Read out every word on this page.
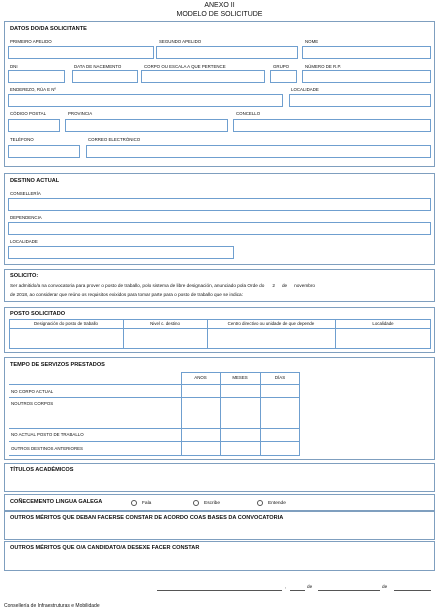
ANEXO II
MODELO DE SOLICITUDE
DATOS DO/DA SOLICITANTE
PRIMEIRO APELIDO	SEGUNDO APELIDO	NOME
DNI	DATA DE NACEMENTO	CORPO OU ESCALA A QUE PERTENCE	GRUPO	NÚMERO DE R.P.
ENDEREZO, RÚA E Nº	LOCALIDADE
CÓDIGO POSTAL	PROVINCIA	CONCELLO
TELÉFONO	CORREO ELECTRÓNICO
DESTINO ACTUAL
CONSELLERÍA
DEPENDENCIA
LOCALIDADE
SOLICITO:
Ser admitido/a na convocatoria para prover o posto de traballo, polo sistema de libre designación, anunciado pola Orde do 2 de novembro
de 2018, ao considerar que reúno os requisitos exixidos para tomar parte para o posto de traballo que se indica:
POSTO SOLICITADO
Designación do posto de traballo	Nivel c. destino	Centro directivo ou unidade de que depende	Localidade
TEMPO DE SERVIZOS PRESTADOS
ANOS	MESES	DÍAS
NO CORPO ACTUAL
NOUTROS CORPOS
NO ACTUAL POSTO DE TRABALLO
OUTROS DESTINOS ANTERIORES
TÍTULOS ACADÉMICOS
COÑECEMENTO LINGUA GALEGA	Fala	Escribe	Entende
OUTROS MÉRITOS QUE DEBAN FACERSE CONSTAR DE ACORDO COAS BASES DA CONVOCATORIA
OUTROS MÉRITOS QUE O/A CANDIDATO/A DESEXE FACER CONSTAR
,	de	de
Consellería de Infraestruturas e Mobilidade
